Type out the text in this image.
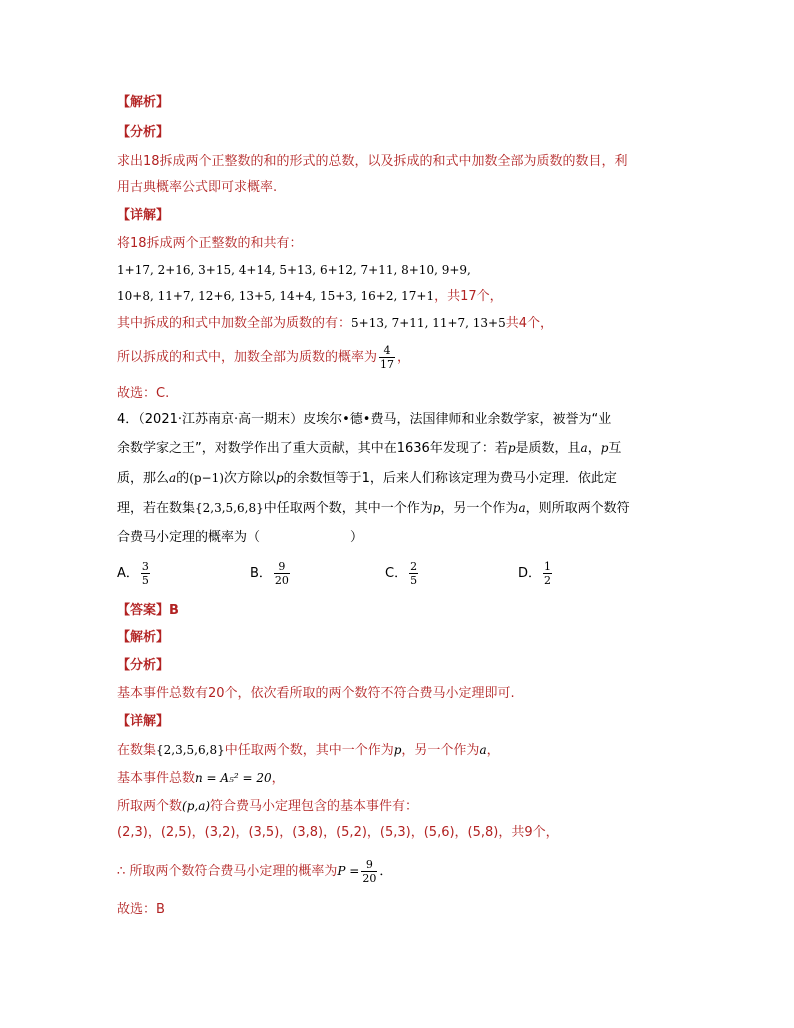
【解析】
【分析】
求出18拆成两个正整数的和的形式的总数，以及拆成的和式中加数全部为质数的数目，利
用古典概率公式即可求概率.
【详解】
将18拆成两个正整数的和共有：
1+17, 2+16, 3+15, 4+14, 5+13, 6+12, 7+11, 8+10, 9+9,
10+8, 11+7, 12+6, 13+5, 14+4, 15+3, 16+2, 17+1，共17个，
其中拆成的和式中加数全部为质数的有：5+13, 7+11, 11+7, 13+5共4个，
所以拆成的和式中，加数全部为质数的概率为 $\frac{4}{17}$ ，
故选：C.
4．（2021·江苏南京·高一期末）皮埃尔•德•费马，法国律师和业余数学家，被誉为“业
余数学家之王”，对数学作出了重大贡献，其中在1636年发现了：若p是质数，且a，p互
质，那么a的(p−1)次方除以p的余数恒等于1，后来人们称该定理为费马小定理．依此定
理，若在数集{2,3,5,6,8}中任取两个数，其中一个作为p，另一个作为a，则所取两个数符
合费马小定理的概率为（	）
A． $\frac{3}{5}$	B． $\frac{9}{20}$	C． $\frac{2}{5}$	D． $\frac{1}{2}$
【答案】B
【解析】
【分析】
基本事件总数有20个，依次看所取的两个数符不符合费马小定理即可.
【详解】
在数集{2,3,5,6,8}中任取两个数，其中一个作为p，另一个作为a，
基本事件总数n = A₅² = 20，
所取两个数(p,a)符合费马小定理包含的基本事件有：
(2,3)，(2,5)，(3,2)，(3,5)，(3,8)，(5,2)，(5,3)，(5,6)，(5,8)，共9个，
∴ 所取两个数符合费马小定理的概率为$P = \frac{9}{20}$ ．
故选：B
